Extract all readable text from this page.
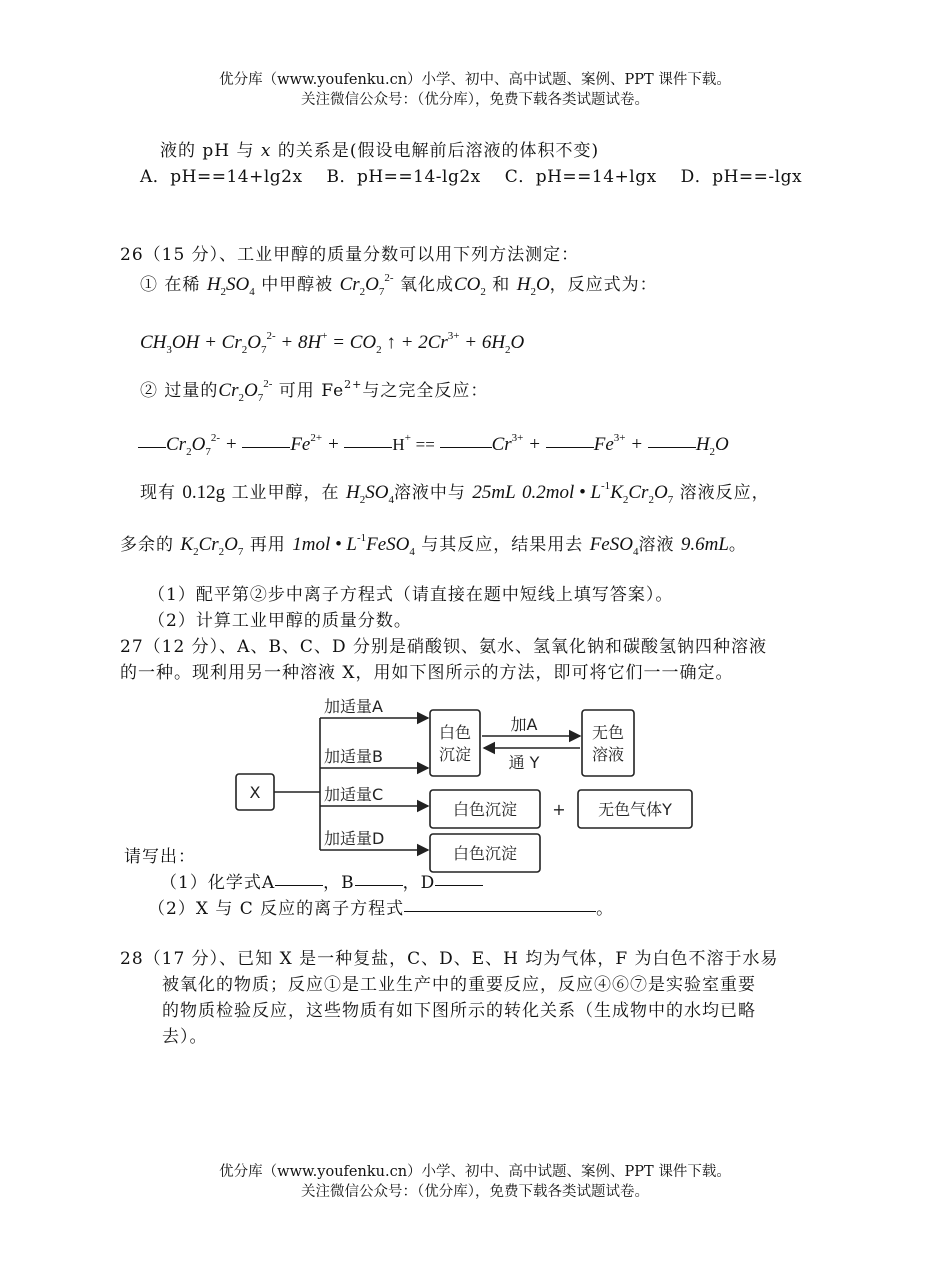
优分库（www.youfenku.cn）小学、初中、高中试题、案例、PPT 课件下载。
关注微信公众号：（优分库），免费下载各类试题试卷。
液的 pH 与 x 的关系是(假设电解前后溶液的体积不变)
A．pH==14+lg2x B．pH==14-lg2x C．pH==14+lgx D．pH==-lgx
26（15 分）、工业甲醇的质量分数可以用下列方法测定：
① 在稀 $H_2SO_4$ 中甲醇被 $Cr_2O_7^{2-}$ 氧化成$CO_2$ 和 $H_2O$，反应式为：
$CH_3OH + Cr_2O_7^{2-} + 8H^+ = CO_2$ ↑ + $2Cr^{3+} + 6H_2O$
② 过量的$Cr_2O_7^{2-}$ 可用 $Fe^{2+}$与之完全反应：
$Cr_2O_7^{2-}$ +	$Fe^{2+}$ +	H+ ==	$Cr^{3+}$ +	$Fe^{3+}$ +	$H_2O$
现有 0.12g 工业甲醇，在 $H_2SO_4$溶液中与 25mL 0.2mol • $L^{-1}K_2Cr_2O_7$ 溶液反应，
多余的 $K_2Cr_2O_7$ 再用 1mol • $L^{-1}FeSO_4$ 与其反应，结果用去 FeSO$_4$溶液 9.6mL。
（1）配平第②步中离子方程式（请直接在题中短线上填写答案）。
（2）计算工业甲醇的质量分数。
27（12 分）、A、B、C、D 分别是硝酸钡、氨水、氢氧化钠和碳酸氢钠四种溶液
的一种。现利用另一种溶液 X，用如下图所示的方法，即可将它们一一确定。
X
加适量A
加适量B
加适量C
加适量D
白色
沉淀
加A
通 Y
无色
溶液
白色沉淀 + 无色气体Y
白色沉淀
请写出：
（1）化学式A	，B	，D
（2）X 与 C 反应的离子方程式	。
28（17 分）、已知 X 是一种复盐，C、D、E、H 均为气体，F 为白色不溶于水易
被氧化的物质；反应①是工业生产中的重要反应，反应④⑥⑦是实验室重要
的物质检验反应，这些物质有如下图所示的转化关系（生成物中的水均已略
去）。
优分库（www.youfenku.cn）小学、初中、高中试题、案例、PPT 课件下载。
关注微信公众号：（优分库），免费下载各类试题试卷。
